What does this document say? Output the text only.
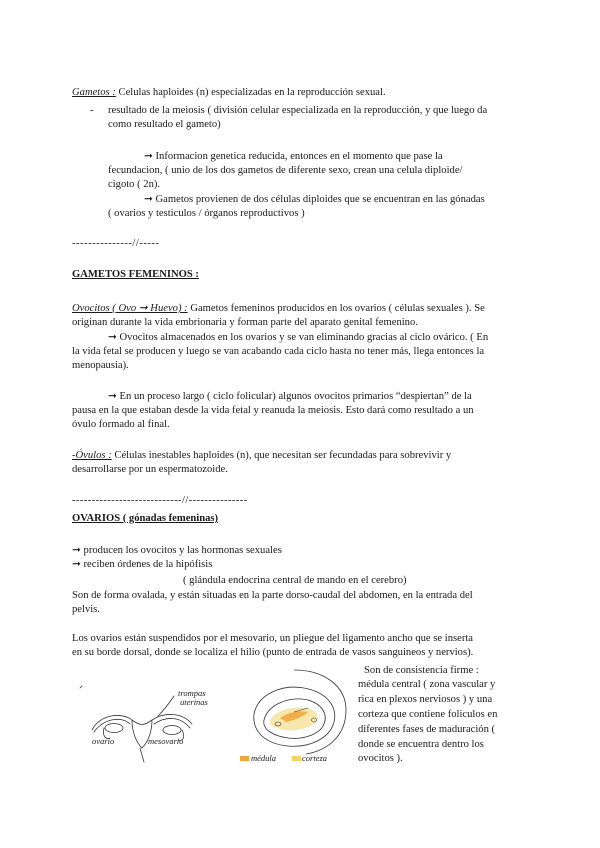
Gametos : Celulas haploides (n) especializadas en la reproducción sexual.
- resultado de la meiosis ( división celular especializada en la reproducción, y que luego da
como resultado el gameto)
➞ Informacion genetica reducida, entonces en el momento que pase la
fecundacion, ( unio de los dos gametos de diferente sexo, crean una celula diploide/
cigoto ( 2n).
➞ Gametos provienen de dos células diploides que se encuentran en las gónadas
( ovarios y testiculos / órganos reproductivos )
---------------//-----
GAMETOS FEMENINOS :
Ovocitos ( Ovo ➞ Huevo) : Gametos femeninos producidos en los ovarios ( células sexuales ). Se
originan durante la vida embrionaria y forman parte del aparato genital femenino.
➞ Ovocitos almacenados en los ovarios y se van eliminando gracias al ciclo ovárico. ( En
la vida fetal se producen y luego se van acabando cada ciclo hasta no tener más, llega entonces la
menopausia).
➞ En un proceso largo ( ciclo folicular) algunos ovocitos primarios “despiertan” de la
pausa en la que estaban desde la vida fetal y reanuda la meiosis. Esto dará como resultado a un
óvulo formado al final.
-Óvulos : Células inestables haploides (n), que necesitan ser fecundadas para sobrevivir y
desarrollarse por un espermatozoide.
----------------------------//---------------
OVARIOS ( gónadas femeninas)
➞ producen los ovocitos y las hormonas sexuales
➞ reciben órdenes de la hipófisis
( glándula endocrina central de mando en el cerebro)
Son de forma ovalada, y están situadas en la parte dorso-caudal del abdomen, en la entrada del
pelvis.
Los ovarios están suspendidos por el mesovario, un pliegue del ligamento ancho que se inserta
en su borde dorsal, donde se localiza el hilio (punto de entrada de vasos sanguineos y nervios).
Son de consistencia firme :
médula central ( zona vascular y
rica en plexos nerviosos ) y una
corteza que contiene foliculos en
diferentes fases de maduración (
donde se encuentra dentro los
ovocitos ).
trompas
uterinas
ovario	mesovario
médula	corteza
